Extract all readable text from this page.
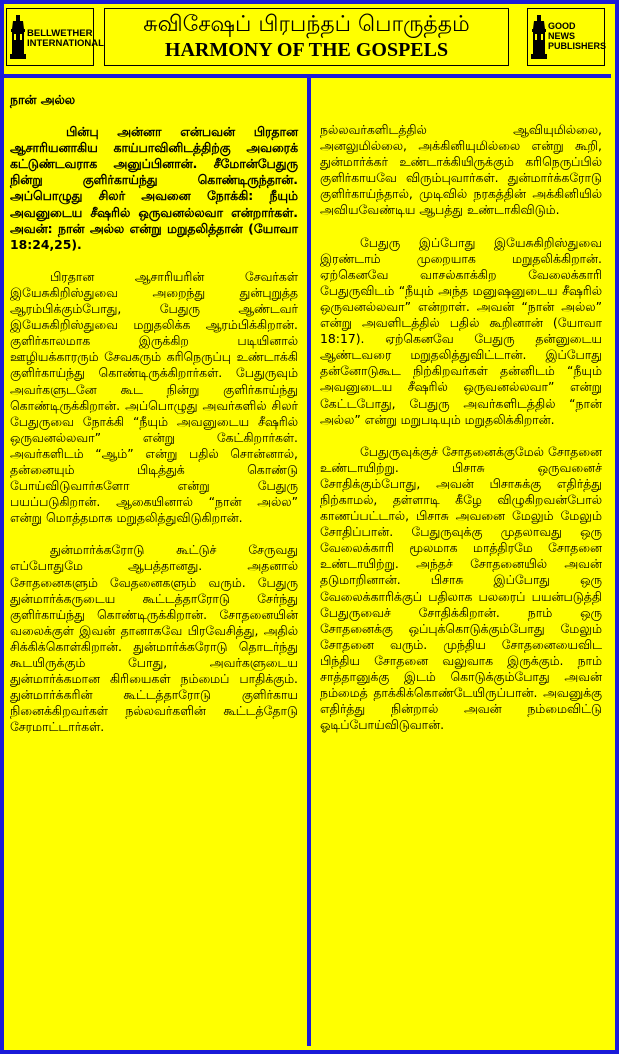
BELLWETHER INTERNATIONAL
சுவிசேஷப் பிரபந்தப் பொருத்தம்
HARMONY OF THE GOSPELS
GOOD NEWS PUBLISHERS
நான் அல்ல

பின்பு அன்னா என்பவன் பிரதான ஆசாரியனாகிய காய்பாவினிடத்திற்கு அவரைக் கட்டுண்டவராக அனுப்பினான். சீமோன்பேதுரு நின்று குளிர்காய்ந்து கொண்டிருந்தான். அப்பொழுது சிலர் அவனை நோக்கி: நீயும் அவனுடைய சீஷரில் ஒருவனல்லவா என்றார்கள். அவன்: நான் அல்ல என்று மறுதலித்தான் (யோவா 18:24,25).

பிரதான ஆசாரியரின் சேவர்கள் இயேசுகிறிஸ்துவை அறைந்து துன்புறுத்த ஆரம்பிக்கும்போது, பேதுரு ஆண்டவர் இயேசுகிறிஸ்துவை மறுதலிக்க ஆரம்பிக்கிறான். குளிர்காலமாக இருக்கிற படியினால் ஊழியக்காரரும் சேவகரும் கரிநெருப்பு உண்டாக்கி குளிர்காய்ந்து கொண்டிருக்கிறார்கள். பேதுருவும் அவர்களுடனே கூட நின்று குளிர்காய்ந்து கொண்டிருக்கிறான். அப்பொழுது அவர்களில் சிலர் பேதுருவை நோக்கி “நீயும் அவனுடைய சீஷரில் ஒருவனல்லவா” என்று கேட்கிறார்கள். அவர்களிடம் “ஆம்” என்று பதில் சொன்னால், தன்னையும் பிடித்துக் கொண்டு போய்விடுவார்களோ என்று பேதுரு பயப்படுகிறான். ஆகையினால் “நான் அல்ல” என்று மொத்தமாக மறுதலித்துவிடுகிறான்.

துன்மார்க்கரோடு கூட்டுச் சேருவது எப்போதுமே ஆபத்தானது. அதனால் சோதனைகளும் வேதனைகளும் வரும். பேதுரு துன்மார்க்கருடைய கூட்டத்தாரோடு சேர்ந்து குளிர்காய்ந்து கொண்டிருக்கிறான். சோதனையின் வலைக்குள் இவன் தானாகவே பிரவேசித்து, அதில் சிக்கிக்கொள்கிறான். துன்மார்க்கரோடு தொடர்ந்து கூடயிருக்கும் போது, அவர்களுடைய துன்மார்க்கமான கிரியைகள் நம்மைப் பாதிக்கும். துன்மார்க்கரின் கூட்டத்தாரோடு குளிர்காய நினைக்கிறவர்கள் நல்லவர்களின் கூட்டத்தோடு சேரமாட்டார்கள்.

நல்லவர்களிடத்தில் ஆவியுமில்லை, அனலுமில்லை, அக்கினியுமில்லை என்று கூறி, துன்மார்க்கர் உண்டாக்கியிருக்கும் கரிநெருப்பில் குளிர்காயவே விரும்புவார்கள். துன்மார்க்கரோடு குளிர்காய்ந்தால், முடிவில் நரகத்தின் அக்கினியில் அவியவேண்டிய ஆபத்து உண்டாகிவிடும்.

பேதுரு இப்போது இயேசுகிறிஸ்துவை இரண்டாம் முறையாக மறுதலிக்கிறான். ஏற்கெனவே வாசல்காக்கிற வேலைக்காரி பேதுருவிடம் “நீயும் அந்த மனுஷனுடைய சீஷரில் ஒருவனல்லவா” என்றாள். அவன் “நான் அல்ல” என்று அவளிடத்தில் பதில் கூறினான் (யோவா 18:17). ஏற்கெனவே பேதுரு தன்னுடைய ஆண்டவரை மறுதலித்துவிட்டான். இப்போது தன்னோடுகூட நிற்கிறவர்கள் தன்னிடம் “நீயும் அவனுடைய சீஷரில் ஒருவனல்லவா” என்று கேட்டபோது, பேதுரு அவர்களிடத்தில் “நான் அல்ல” என்று மறுபடியும் மறுதலிக்கிறான்.

பேதுருவுக்குச் சோதனைக்குமேல் சோதனை உண்டாயிற்று. பிசாசு ஒருவனைச் சோதிக்கும்போது, அவன் பிசாசுக்கு எதிர்த்து நிற்காமல், தள்ளாடி கீழே விழுகிறவன்போல் காணப்பட்டால், பிசாசு அவனை மேலும் மேலும் சோதிப்பான். பேதுருவுக்கு முதலாவது ஒரு வேலைக்காரி மூலமாக மாத்திரமே சோதனை உண்டாயிற்று. அந்தச் சோதனையில் அவன் தடுமாறினான். பிசாசு இப்போது ஒரு வேலைக்காரிக்குப் பதிலாக பலரைப் பயன்படுத்தி பேதுருவைச் சோதிக்கிறான். நாம் ஒரு சோதனைக்கு ஒப்புக்கொடுக்கும்போது மேலும் சோதனை வரும். முந்திய சோதனையைவிட பிந்திய சோதனை வலுவாக இருக்கும். நாம் சாத்தானுக்கு இடம் கொடுக்கும்போது அவன் நம்மைத் தாக்கிக்கொண்டேயிருப்பான். அவனுக்கு எதிர்த்து நின்றால் அவன் நம்மைவிட்டு ஓடிப்போய்விடுவான்.
